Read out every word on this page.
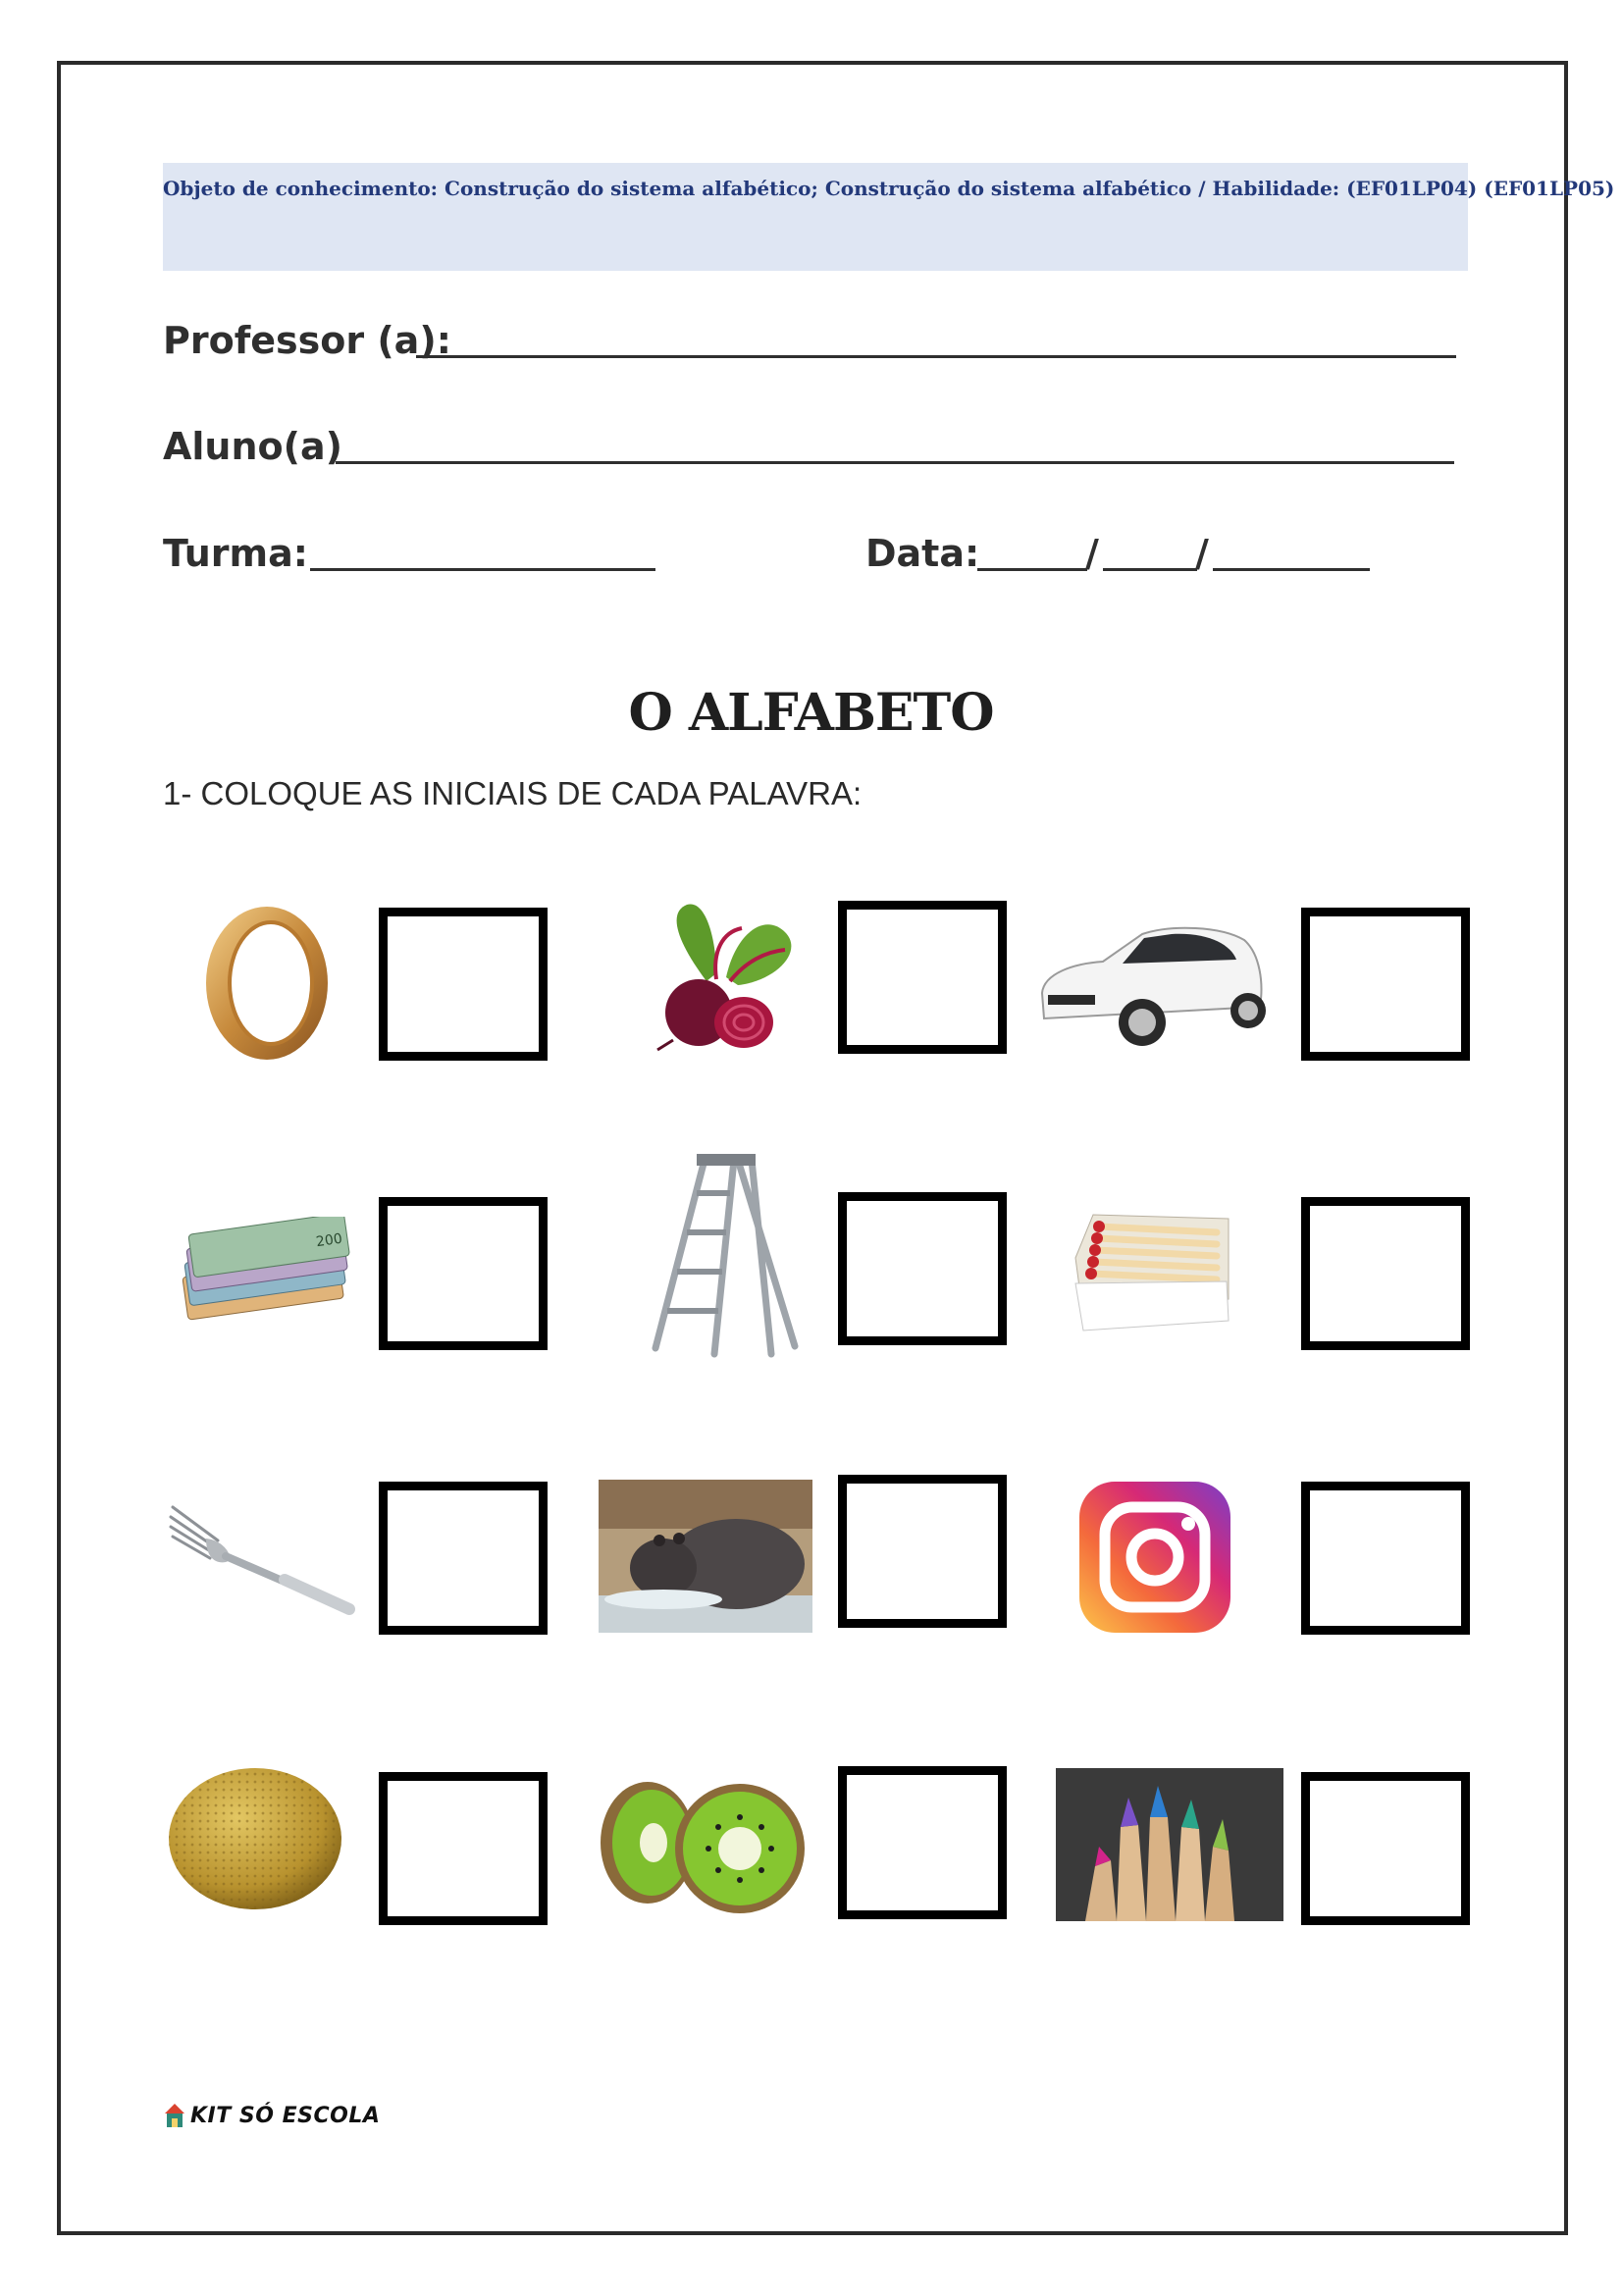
Objeto de conhecimento: Construção do sistema alfabético; Construção do sistema alfabético / Habilidade: (EF01LP04) (EF01LP05)
Professor (a):
Aluno(a)
Turma:	Data:	/	/
O ALFABETO
1- COLOQUE AS INICIAIS DE CADA PALAVRA:
200
KIT SÓ ESCOLA
